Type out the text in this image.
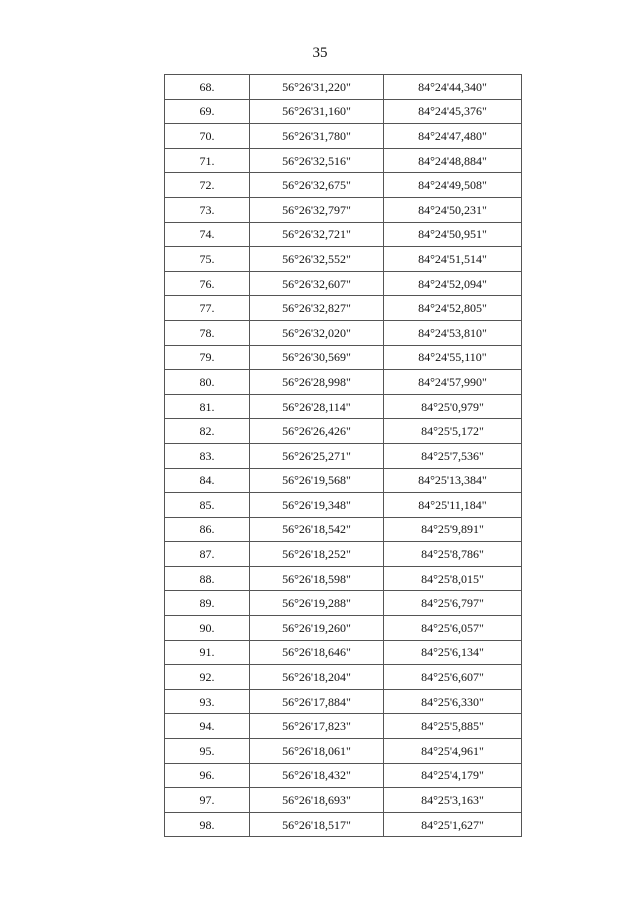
35
68.	56°26'31,220"	84°24'44,340"
69.	56°26'31,160"	84°24'45,376"
70.	56°26'31,780"	84°24'47,480"
71.	56°26'32,516"	84°24'48,884"
72.	56°26'32,675"	84°24'49,508"
73.	56°26'32,797"	84°24'50,231"
74.	56°26'32,721"	84°24'50,951"
75.	56°26'32,552"	84°24'51,514"
76.	56°26'32,607"	84°24'52,094"
77.	56°26'32,827"	84°24'52,805"
78.	56°26'32,020"	84°24'53,810"
79.	56°26'30,569"	84°24'55,110"
80.	56°26'28,998"	84°24'57,990"
81.	56°26'28,114"	84°25'0,979"
82.	56°26'26,426"	84°25'5,172"
83.	56°26'25,271"	84°25'7,536"
84.	56°26'19,568"	84°25'13,384"
85.	56°26'19,348"	84°25'11,184"
86.	56°26'18,542"	84°25'9,891"
87.	56°26'18,252"	84°25'8,786"
88.	56°26'18,598"	84°25'8,015"
89.	56°26'19,288"	84°25'6,797"
90.	56°26'19,260"	84°25'6,057"
91.	56°26'18,646"	84°25'6,134"
92.	56°26'18,204"	84°25'6,607"
93.	56°26'17,884"	84°25'6,330"
94.	56°26'17,823"	84°25'5,885"
95.	56°26'18,061"	84°25'4,961"
96.	56°26'18,432"	84°25'4,179"
97.	56°26'18,693"	84°25'3,163"
98.	56°26'18,517"	84°25'1,627"
